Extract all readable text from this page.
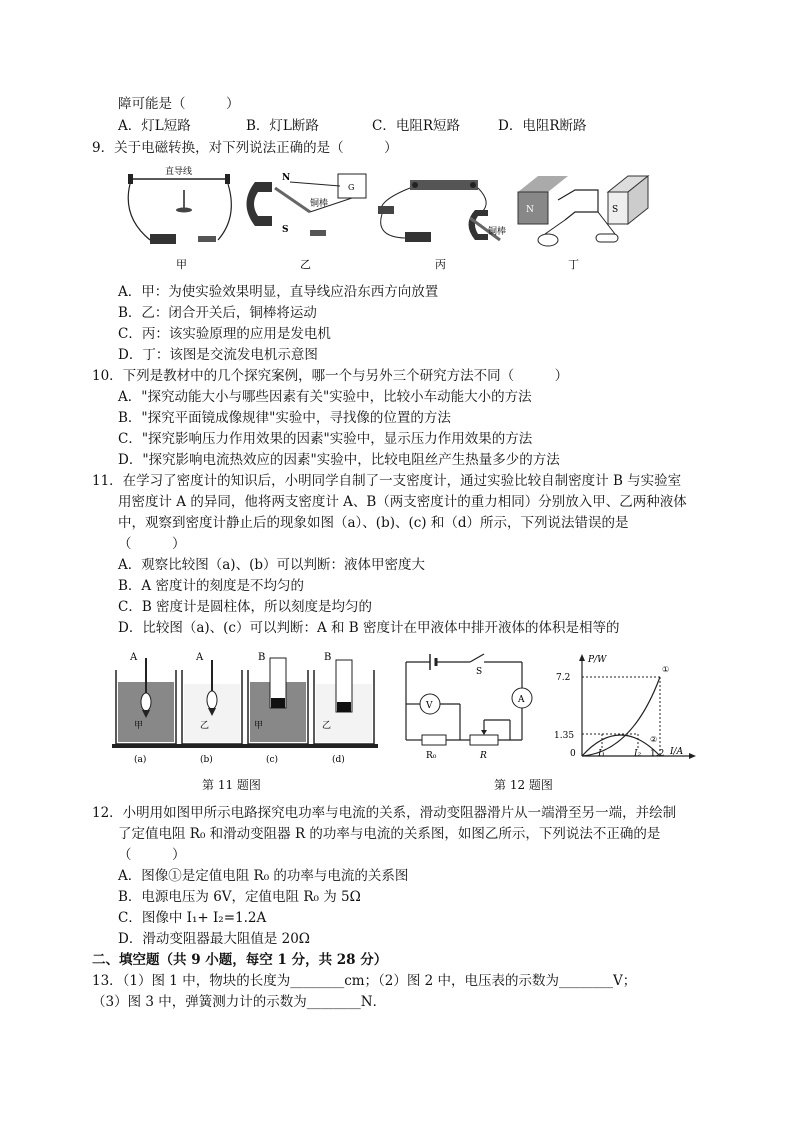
障可能是（　　　）
A．灯L短路	B．灯L断路	C．电阻R短路	D．电阻R断路
9．关于电磁转换，对下列说法正确的是（　　　）
直导线
N
S
铜棒
G
铜棒
N	S
甲	乙	丙	丁
A．甲：为使实验效果明显，直导线应沿东西方向放置
B．乙：闭合开关后，铜棒将运动
C．丙：该实验原理的应用是发电机
D．丁：该图是交流发电机示意图
10．下列是教材中的几个探究案例，哪一个与另外三个研究方法不同（　　　）
A．"探究动能大小与哪些因素有关"实验中，比较小车动能大小的方法
B．"探究平面镜成像规律"实验中，寻找像的位置的方法
C．"探究影响压力作用效果的因素"实验中，显示压力作用效果的方法
D．"探究影响电流热效应的因素"实验中，比较电阻丝产生热量多少的方法
11．在学习了密度计的知识后，小明同学自制了一支密度计，通过实验比较自制密度计 B 与实验室
用密度计 A 的异同，他将两支密度计 A、B（两支密度计的重力相同）分别放入甲、乙两种液体
中，观察到密度计静止后的现象如图（a）、(b)、(c) 和（d）所示，下列说法错误的是
（　　　）
A．观察比较图（a)、(b）可以判断：液体甲密度大
B．A 密度计的刻度是不均匀的
C．B 密度计是圆柱体，所以刻度是均匀的
D．比较图（a)、(c）可以判断：A 和 B 密度计在甲液体中排开液体的体积是相等的
A
甲
A
乙
B
甲
B
乙
(a)	(b)	(c)	(d)
第 11 题图
S
A
R₀	R
V
第 12 题图
P/W
I/A
7.2
1.35
0 I₁	I₂ 1.2
①
②
12．小明用如图甲所示电路探究电功率与电流的关系，滑动变阻器滑片从一端滑至另一端，并绘制
了定值电阻 R₀ 和滑动变阻器 R 的功率与电流的关系图，如图乙所示，下列说法不正确的是
（　　　）
A．图像①是定值电阻 R₀ 的功率与电流的关系图
B．电源电压为 6V，定值电阻 R₀ 为 5Ω
C．图像中 I₁+ I₂=1.2A
D．滑动变阻器最大阻值是 20Ω
二、填空题（共 9 小题，每空 1 分，共 28 分）
13．（1）图 1 中，物块的长度为________cm；（2）图 2 中，电压表的示数为________V；
（3）图 3 中，弹簧测力计的示数为________N．
